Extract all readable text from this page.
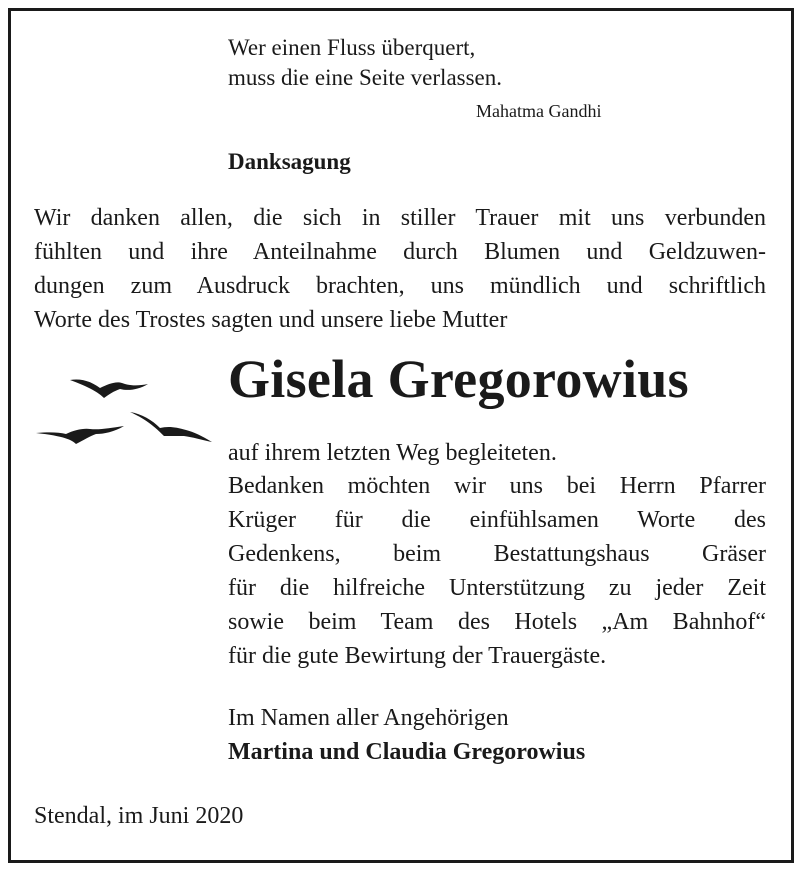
Wer einen Fluss überquert,

muss die eine Seite verlassen.

Mahatma Gandhi

Danksagung

Wir danken allen, die sich in stiller Trauer mit uns verbunden

fühlten und ihre Anteilnahme durch Blumen und Geldzuwen-

dungen zum Ausdruck brachten, uns mündlich und schriftlich

Worte des Trostes sagten und unsere liebe Mutter

Gisela Gregorowius

auf ihrem letzten Weg begleiteten.

Bedanken möchten wir uns bei Herrn Pfarrer

Krüger für die einfühlsamen Worte des

Gedenkens, beim Bestattungshaus Gräser

für die hilfreiche Unterstützung zu jeder Zeit

sowie beim Team des Hotels „Am Bahnhof“

für die gute Bewirtung der Trauergäste.

Im Namen aller Angehörigen

Martina und Claudia Gregorowius

Stendal, im Juni 2020
